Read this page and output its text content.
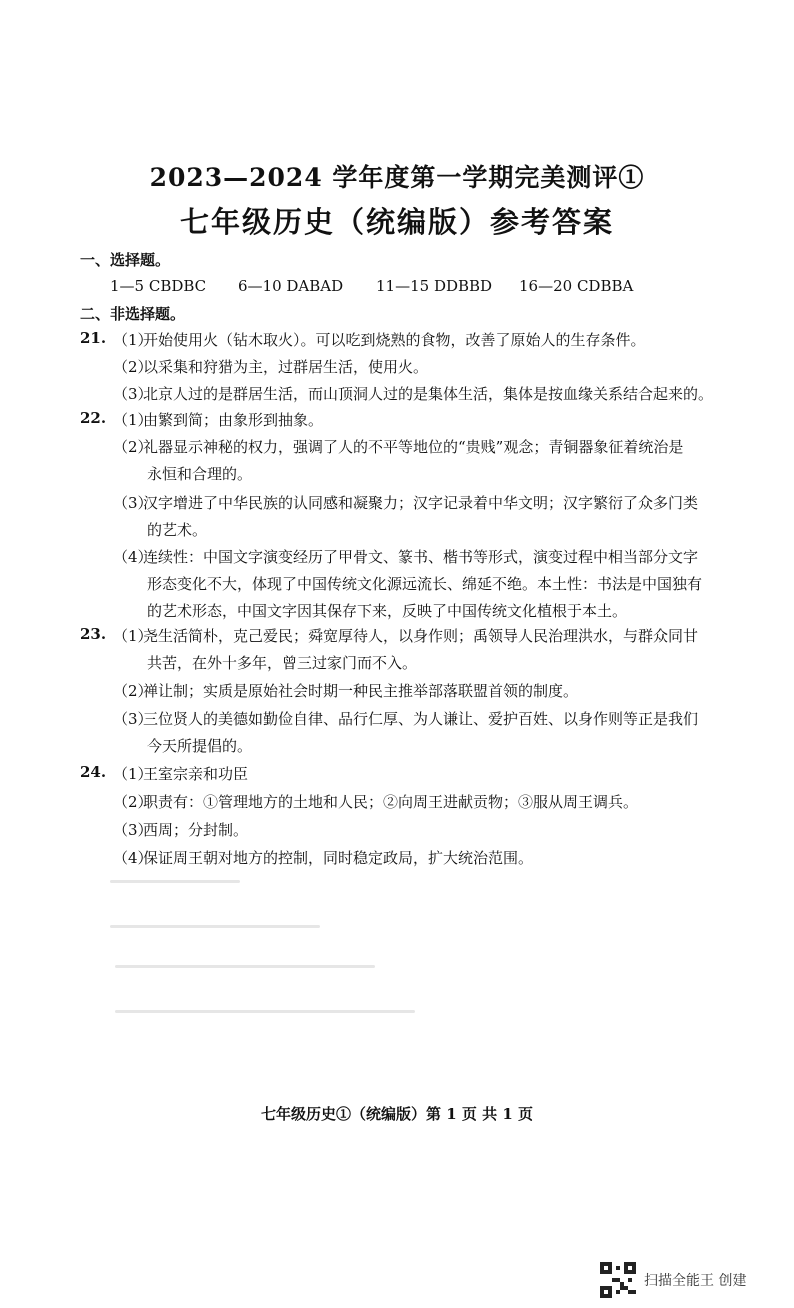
2023—2024 学年度第一学期完美测评①
七年级历史（统编版）参考答案
一、选择题。
1—5 CBDBC	6—10 DABAD	11—15 DDBBD	16—20 CDBBA
二、非选择题。
21. （1）开始使用火（钻木取火）。可以吃到烧熟的食物，改善了原始人的生存条件。
（2）以采集和狩猎为主，过群居生活，使用火。
（3）北京人过的是群居生活，而山顶洞人过的是集体生活，集体是按血缘关系结合起来的。
22. （1）由繁到简；由象形到抽象。
（2）礼器显示神秘的权力，强调了人的不平等地位的“贵贱”观念；青铜器象征着统治是
永恒和合理的。
（3）汉字增进了中华民族的认同感和凝聚力；汉字记录着中华文明；汉字繁衍了众多门类
的艺术。
（4）连续性：中国文字演变经历了甲骨文、篆书、楷书等形式，演变过程中相当部分文字
形态变化不大，体现了中国传统文化源远流长、绵延不绝。本土性：书法是中国独有
的艺术形态，中国文字因其保存下来，反映了中国传统文化植根于本土。
23. （1）尧生活简朴，克己爱民；舜宽厚待人，以身作则；禹领导人民治理洪水，与群众同甘
共苦，在外十多年，曾三过家门而不入。
（2）禅让制；实质是原始社会时期一种民主推举部落联盟首领的制度。
（3）三位贤人的美德如勤俭自律、品行仁厚、为人谦让、爱护百姓、以身作则等正是我们
今天所提倡的。
24. （1）王室宗亲和功臣
（2）职责有：①管理地方的土地和人民；②向周王进献贡物；③服从周王调兵。
（3）西周；分封制。
（4）保证周王朝对地方的控制，同时稳定政局，扩大统治范围。
七年级历史①（统编版）第 1 页 共 1 页
扫描全能王 创建
